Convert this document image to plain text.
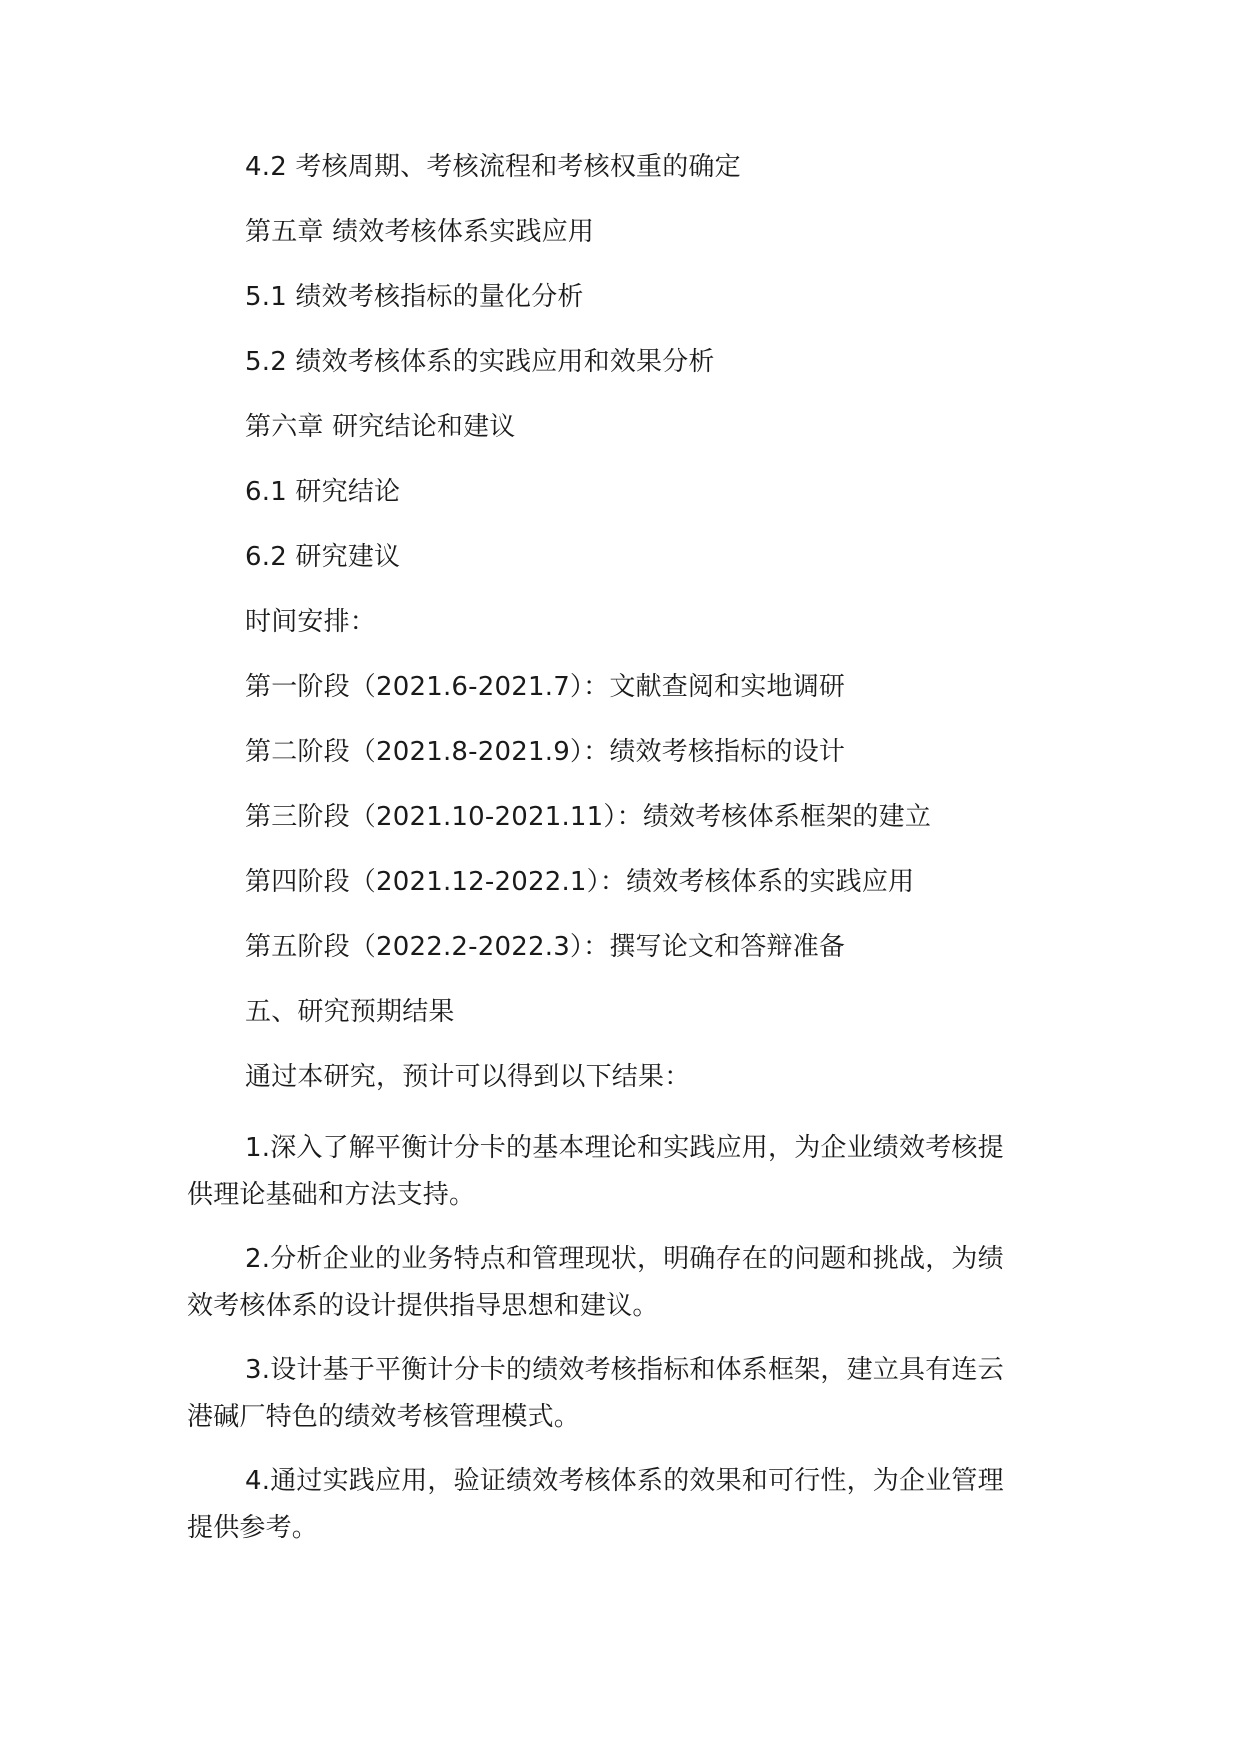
4.2 考核周期、考核流程和考核权重的确定

第五章 绩效考核体系实践应用

5.1 绩效考核指标的量化分析

5.2 绩效考核体系的实践应用和效果分析

第六章 研究结论和建议

6.1 研究结论

6.2 研究建议

时间安排：

第一阶段（2021.6-2021.7）：文献查阅和实地调研

第二阶段（2021.8-2021.9）：绩效考核指标的设计

第三阶段（2021.10-2021.11）：绩效考核体系框架的建立

第四阶段（2021.12-2022.1）：绩效考核体系的实践应用

第五阶段（2022.2-2022.3）：撰写论文和答辩准备

五、研究预期结果

通过本研究，预计可以得到以下结果：

1.深入了解平衡计分卡的基本理论和实践应用，为企业绩效考核提
供理论基础和方法支持。

2.分析企业的业务特点和管理现状，明确存在的问题和挑战，为绩
效考核体系的设计提供指导思想和建议。

3.设计基于平衡计分卡的绩效考核指标和体系框架，建立具有连云
港碱厂特色的绩效考核管理模式。

4.通过实践应用，验证绩效考核体系的效果和可行性，为企业管理
提供参考。
